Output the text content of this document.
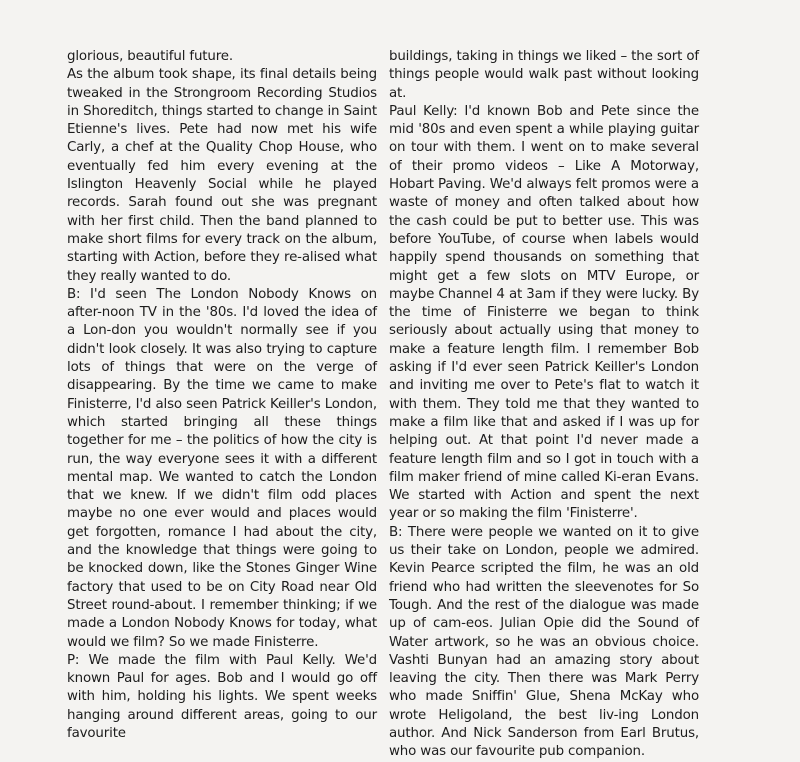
glorious, beautiful future.

As the album took shape, its final details being tweaked in the Strongroom Recording Studios in Shoreditch, things started to change in Saint Etienne's lives. Pete had now met his wife Carly, a chef at the Quality Chop House, who eventually fed him every evening at the Islington Heavenly Social while he played records. Sarah found out she was pregnant with her first child. Then the band planned to make short films for every track on the album, starting with Action, before they re-alised what they really wanted to do.

B: I'd seen The London Nobody Knows on after-noon TV in the '80s. I'd loved the idea of a Lon-don you wouldn't normally see if you didn't look closely. It was also trying to capture lots of things that were on the verge of disappearing. By the time we came to make Finisterre, I'd also seen Patrick Keiller's London, which started bringing all these things together for me – the politics of how the city is run, the way everyone sees it with a different mental map. We wanted to catch the London that we knew. If we didn't film odd places maybe no one ever would and places would get forgotten, romance I had about the city, and the knowledge that things were going to be knocked down, like the Stones Ginger Wine factory that used to be on City Road near Old Street round-about. I remember thinking; if we made a London Nobody Knows for today, what would we film? So we made Finisterre.

P: We made the film with Paul Kelly. We'd known Paul for ages. Bob and I would go off with him, holding his lights. We spent weeks hanging around different areas, going to our favourite

buildings, taking in things we liked – the sort of things people would walk past without looking at.

Paul Kelly: I'd known Bob and Pete since the mid '80s and even spent a while playing guitar on tour with them. I went on to make several of their promo videos – Like A Motorway, Hobart Paving. We'd always felt promos were a waste of money and often talked about how the cash could be put to better use. This was before YouTube, of course when labels would happily spend thousands on something that might get a few slots on MTV Europe, or maybe Channel 4 at 3am if they were lucky. By the time of Finisterre we began to think seriously about actually using that money to make a feature length film. I remember Bob asking if I'd ever seen Patrick Keiller's London and inviting me over to Pete's flat to watch it with them. They told me that they wanted to make a film like that and asked if I was up for helping out. At that point I'd never made a feature length film and so I got in touch with a film maker friend of mine called Ki-eran Evans. We started with Action and spent the next year or so making the film 'Finisterre'.

B: There were people we wanted on it to give us their take on London, people we admired. Kevin Pearce scripted the film, he was an old friend who had written the sleevenotes for So Tough. And the rest of the dialogue was made up of cam-eos. Julian Opie did the Sound of Water artwork, so he was an obvious choice. Vashti Bunyan had an amazing story about leaving the city. Then there was Mark Perry who made Sniffin' Glue, Shena McKay who wrote Heligoland, the best liv-ing London author. And Nick Sanderson from Earl Brutus, who was our favourite pub companion.
